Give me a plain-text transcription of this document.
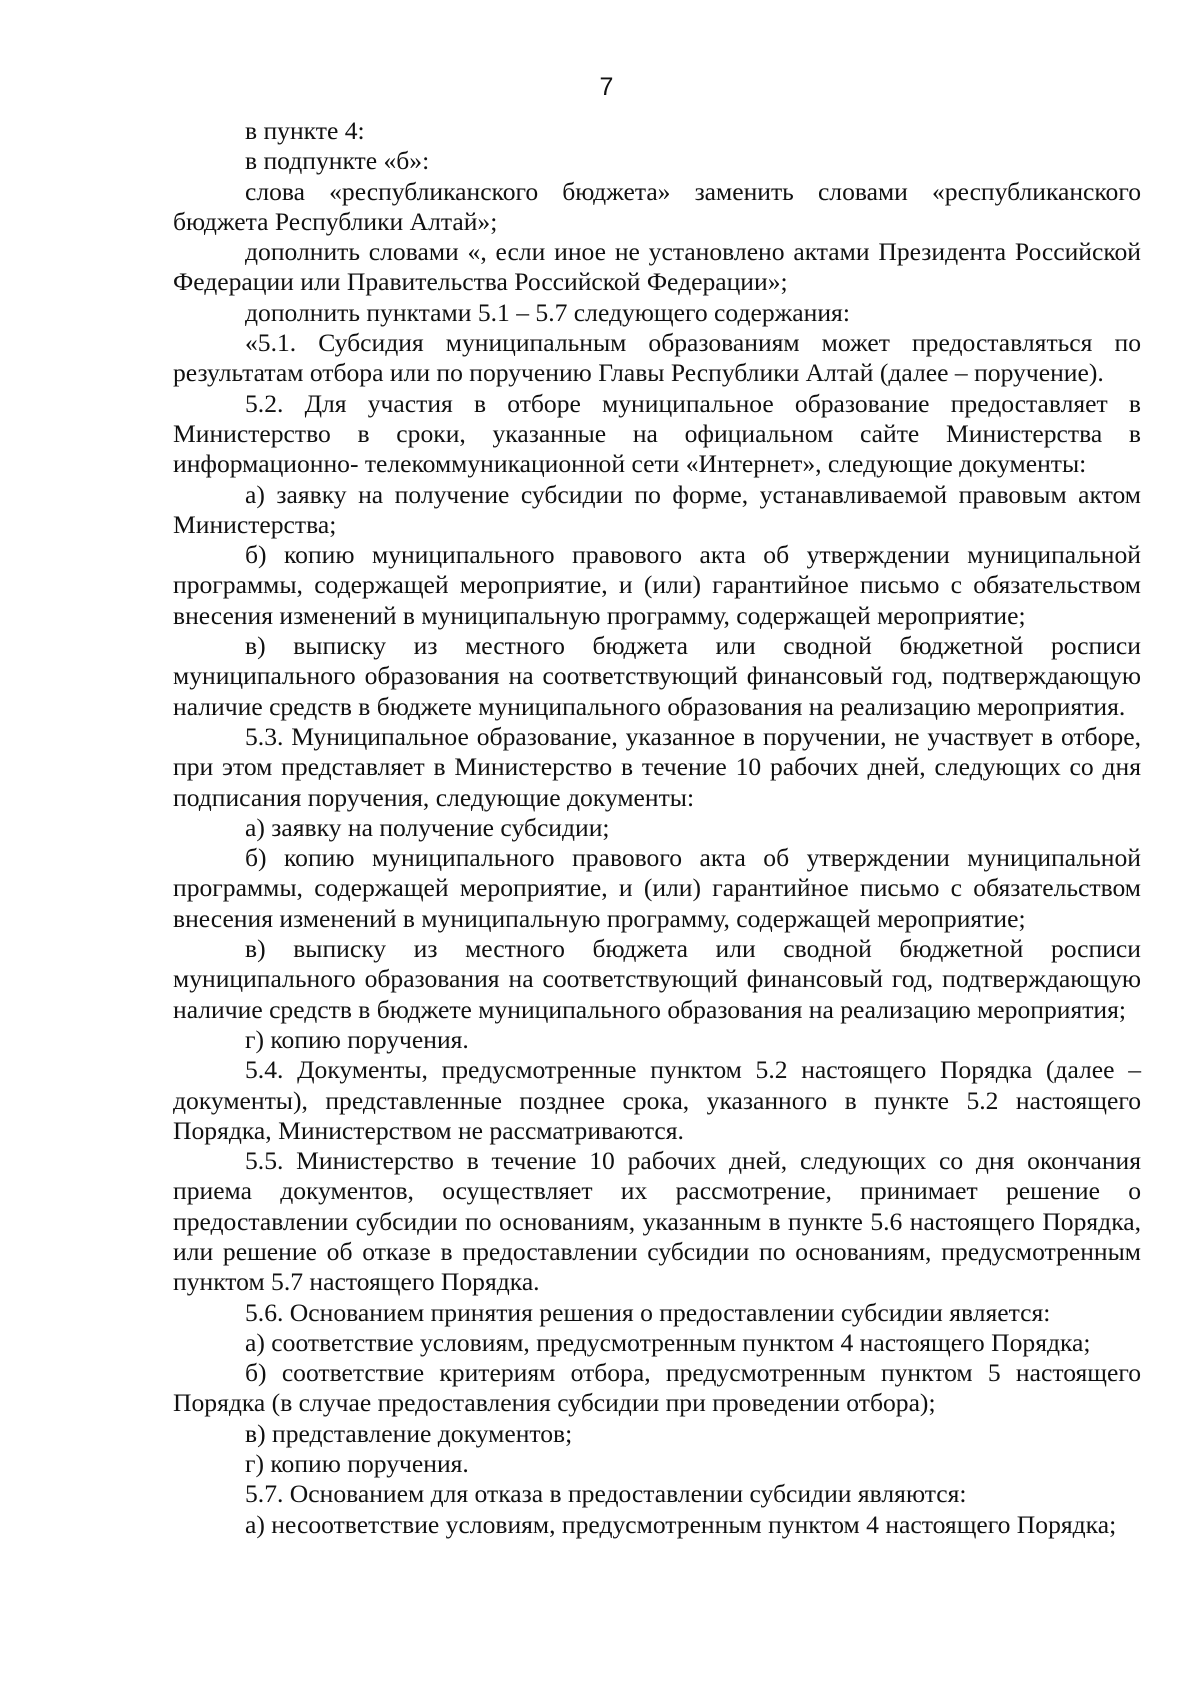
7

в пункте 4:

в подпункте «б»:

слова «республиканского бюджета» заменить словами «республиканского бюджета Республики Алтай»;

дополнить словами «, если иное не установлено актами Президента Российской Федерации или Правительства Российской Федерации»;

дополнить пунктами 5.1 – 5.7 следующего содержания:

«5.1. Субсидия муниципальным образованиям может предоставляться по результатам отбора или по поручению Главы Республики Алтай (далее – поручение).

5.2. Для участия в отборе муниципальное образование предоставляет в Министерство в сроки, указанные на официальном сайте Министерства в информационно- телекоммуникационной сети «Интернет», следующие документы:

а) заявку на получение субсидии по форме, устанавливаемой правовым актом Министерства;

б) копию муниципального правового акта об утверждении муниципальной программы, содержащей мероприятие, и (или) гарантийное письмо с обязательством внесения изменений в муниципальную программу, содержащей мероприятие;

в) выписку из местного бюджета или сводной бюджетной росписи муниципального образования на соответствующий финансовый год, подтверждающую наличие средств в бюджете муниципального образования на реализацию мероприятия.

5.3. Муниципальное образование, указанное в поручении, не участвует в отборе, при этом представляет в Министерство в течение 10 рабочих дней, следующих со дня подписания поручения, следующие документы:

а) заявку на получение субсидии;

б) копию муниципального правового акта об утверждении муниципальной программы, содержащей мероприятие, и (или) гарантийное письмо с обязательством внесения изменений в муниципальную программу, содержащей мероприятие;

в) выписку из местного бюджета или сводной бюджетной росписи муниципального образования на соответствующий финансовый год, подтверждающую наличие средств в бюджете муниципального образования на реализацию мероприятия;

г) копию поручения.

5.4. Документы, предусмотренные пунктом 5.2 настоящего Порядка (далее – документы), представленные позднее срока, указанного в пункте 5.2 настоящего Порядка, Министерством не рассматриваются.

5.5. Министерство в течение 10 рабочих дней, следующих со дня окончания приема документов, осуществляет их рассмотрение, принимает решение о предоставлении субсидии по основаниям, указанным в пункте 5.6 настоящего Порядка, или решение об отказе в предоставлении субсидии по основаниям, предусмотренным пунктом 5.7 настоящего Порядка.

5.6. Основанием принятия решения о предоставлении субсидии является:

а) соответствие условиям, предусмотренным пунктом 4 настоящего Порядка;

б) соответствие критериям отбора, предусмотренным пунктом 5 настоящего Порядка (в случае предоставления субсидии при проведении отбора);

в) представление документов;

г) копию поручения.

5.7. Основанием для отказа в предоставлении субсидии являются:

а) несоответствие условиям, предусмотренным пунктом 4 настоящего Порядка;
